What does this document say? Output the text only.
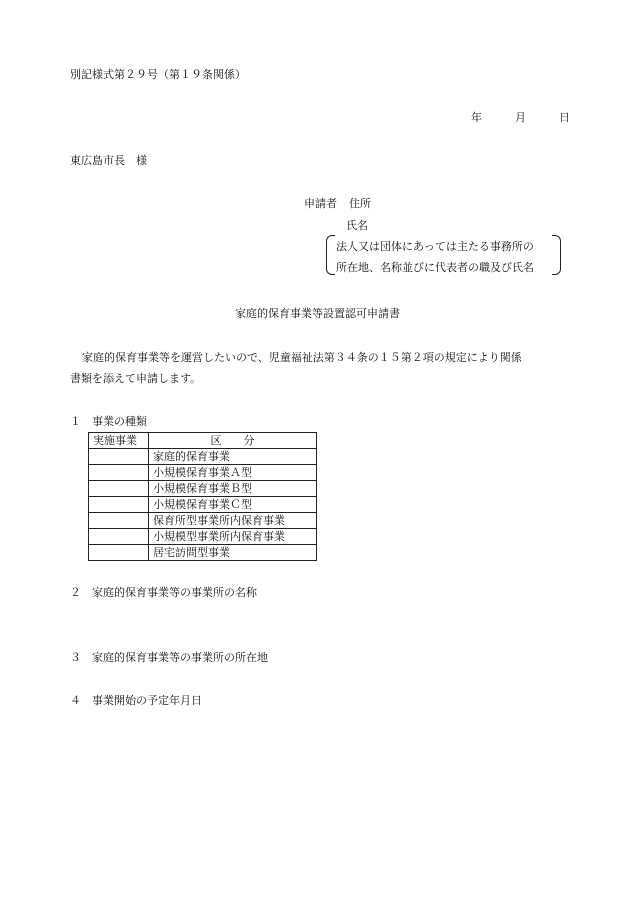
別記様式第２９号（第１９条関係）
年	月	日
東広島市長　様
申請者 住所
氏名
法人又は団体にあっては主たる事務所の
所在地、名称並びに代表者の職及び氏名
家庭的保育事業等設置認可申請書
家庭的保育事業等を運営したいので、児童福祉法第３４条の１５第２項の規定により関係
書類を添えて申請します。
１　事業の種類
実施事業	区　　分
	家庭的保育事業
	小規模保育事業Ａ型
	小規模保育事業Ｂ型
	小規模保育事業Ｃ型
	保育所型事業所内保育事業
	小規模型事業所内保育事業
	居宅訪問型事業
２　家庭的保育事業等の事業所の名称
３　家庭的保育事業等の事業所の所在地
４　事業開始の予定年月日
